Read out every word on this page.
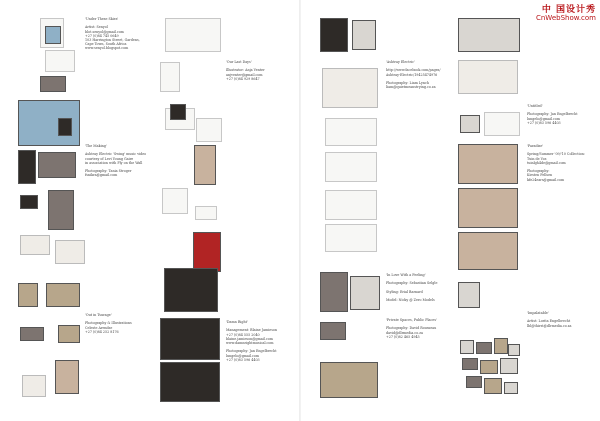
'Under These Skies'

Artist: Senyol
blot.senyol@gmail.com
+27 (0)84 745 0649
103 Harrington Street, Gardens,
Cape Town, South Africa
www.senyol.blogspot.com
'The Making'

Ashtray Electric 'Swing' music video
courtesy of Levi Young Gaire
in association with Fly on the Wall

Photography: Tania Stroger
fsnikra@gmail.com
'Out in Tsurage'

Photography & Illustrations
Celeste Arendse
+27 (0)84 252 8176
'Our Last Days'

Illustrator: Anja Venter
anjventer@gmail.com
+27 (0)84 929 8647
'Damn Right'

Management: Blaine Jamieson
+27 (0)84 555 2040
blaine.jamieson@gmail.com
www.damnrightmusical.com

Photography: Jan Engelbrecht
lungelo@gmail.com
+27 (0)83 596 4403
'Ashtray Electric'

http://www.facebook.com/pages/
Ashtray-Electric/19425474976

Photography: Liam Lynch
liam@quietmeanstrying.co.za
'In Love With a Feeling'

Photography: Sebastian Selgle

Styling: Erial Barnard

Model: Nicky @ Zero Models
'Private Spaces, Public Places'

Photography: David Rousseau
david@dlrmedia.co.za
+27 (0)82 465 4945
'Untitled'

Photography: Jan Engelbrecht
lungelo@gmail.com
+27 (0)83 596 4403
'Paradise'

Spring/Summer '09/'10 Collection:
Tuin de Vos
tuinlgh4de@gmail.com

Photography:
Kirsten Fellsen
kfe24ears@gmail.com
'Impalatable'

Artist: Lorita Engelbrecht
lbl@thirst@dlrmedia.co.za
中 国设计秀
CnWebShow.com
